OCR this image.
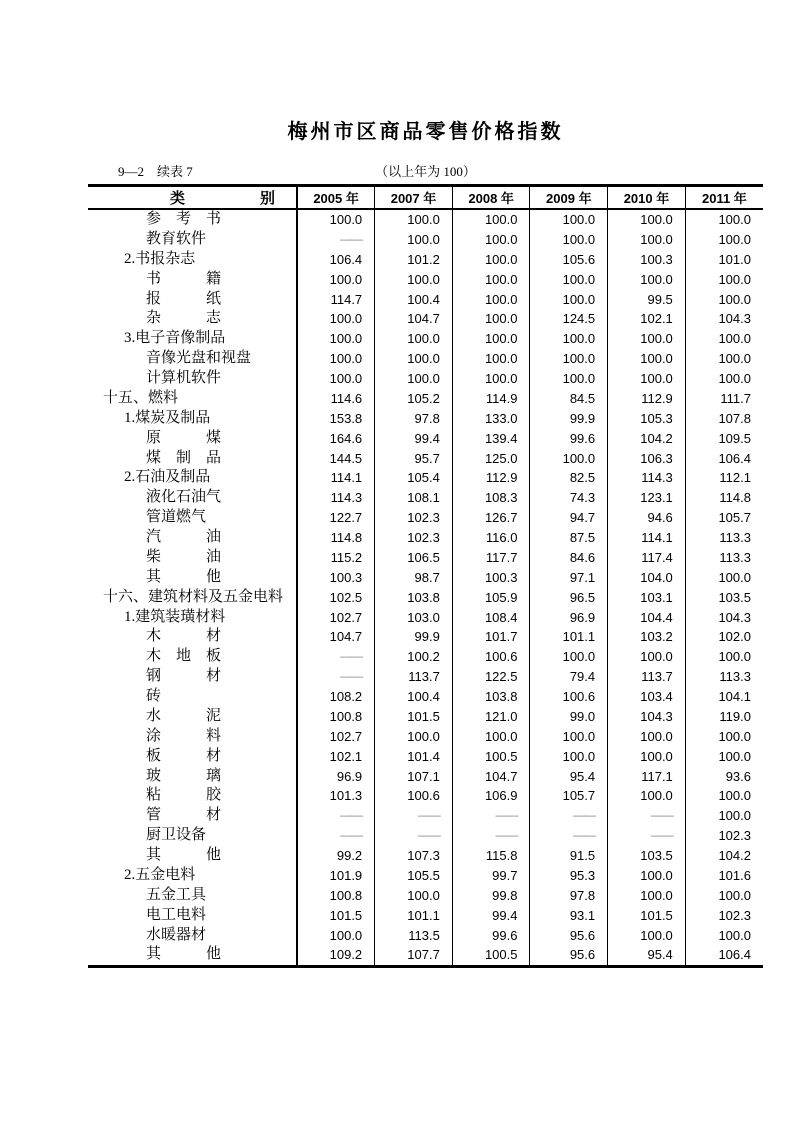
梅州市区商品零售价格指数
9—2　续表 7	（以上年为 100）
类　　　　　别	2005 年	2007 年	2008 年	2009 年	2010 年	2011 年
参　考　书	100.0	100.0	100.0	100.0	100.0	100.0
教育软件	——	100.0	100.0	100.0	100.0	100.0
2.书报杂志	106.4	101.2	100.0	105.6	100.3	101.0
书　　　籍	100.0	100.0	100.0	100.0	100.0	100.0
报　　　纸	114.7	100.4	100.0	100.0	99.5	100.0
杂　　　志	100.0	104.7	100.0	124.5	102.1	104.3
3.电子音像制品	100.0	100.0	100.0	100.0	100.0	100.0
音像光盘和视盘	100.0	100.0	100.0	100.0	100.0	100.0
计算机软件	100.0	100.0	100.0	100.0	100.0	100.0
十五、燃料	114.6	105.2	114.9	84.5	112.9	111.7
1.煤炭及制品	153.8	97.8	133.0	99.9	105.3	107.8
原　　　煤	164.6	99.4	139.4	99.6	104.2	109.5
煤　制　品	144.5	95.7	125.0	100.0	106.3	106.4
2.石油及制品	114.1	105.4	112.9	82.5	114.3	112.1
液化石油气	114.3	108.1	108.3	74.3	123.1	114.8
管道燃气	122.7	102.3	126.7	94.7	94.6	105.7
汽　　　油	114.8	102.3	116.0	87.5	114.1	113.3
柴　　　油	115.2	106.5	117.7	84.6	117.4	113.3
其　　　他	100.3	98.7	100.3	97.1	104.0	100.0
十六、建筑材料及五金电料	102.5	103.8	105.9	96.5	103.1	103.5
1.建筑装璜材料	102.7	103.0	108.4	96.9	104.4	104.3
木　　　材	104.7	99.9	101.7	101.1	103.2	102.0
木　地　板	——	100.2	100.6	100.0	100.0	100.0
钢　　　材	——	113.7	122.5	79.4	113.7	113.3
砖	108.2	100.4	103.8	100.6	103.4	104.1
水　　　泥	100.8	101.5	121.0	99.0	104.3	119.0
涂　　　料	102.7	100.0	100.0	100.0	100.0	100.0
板　　　材	102.1	101.4	100.5	100.0	100.0	100.0
玻　　　璃	96.9	107.1	104.7	95.4	117.1	93.6
粘　　　胶	101.3	100.6	106.9	105.7	100.0	100.0
管　　　材	——	——	——	——	——	100.0
厨卫设备	——	——	——	——	——	102.3
其　　　他	99.2	107.3	115.8	91.5	103.5	104.2
2.五金电料	101.9	105.5	99.7	95.3	100.0	101.6
五金工具	100.8	100.0	99.8	97.8	100.0	100.0
电工电料	101.5	101.1	99.4	93.1	101.5	102.3
水暖器材	100.0	113.5	99.6	95.6	100.0	100.0
其　　　他	109.2	107.7	100.5	95.6	95.4	106.4
